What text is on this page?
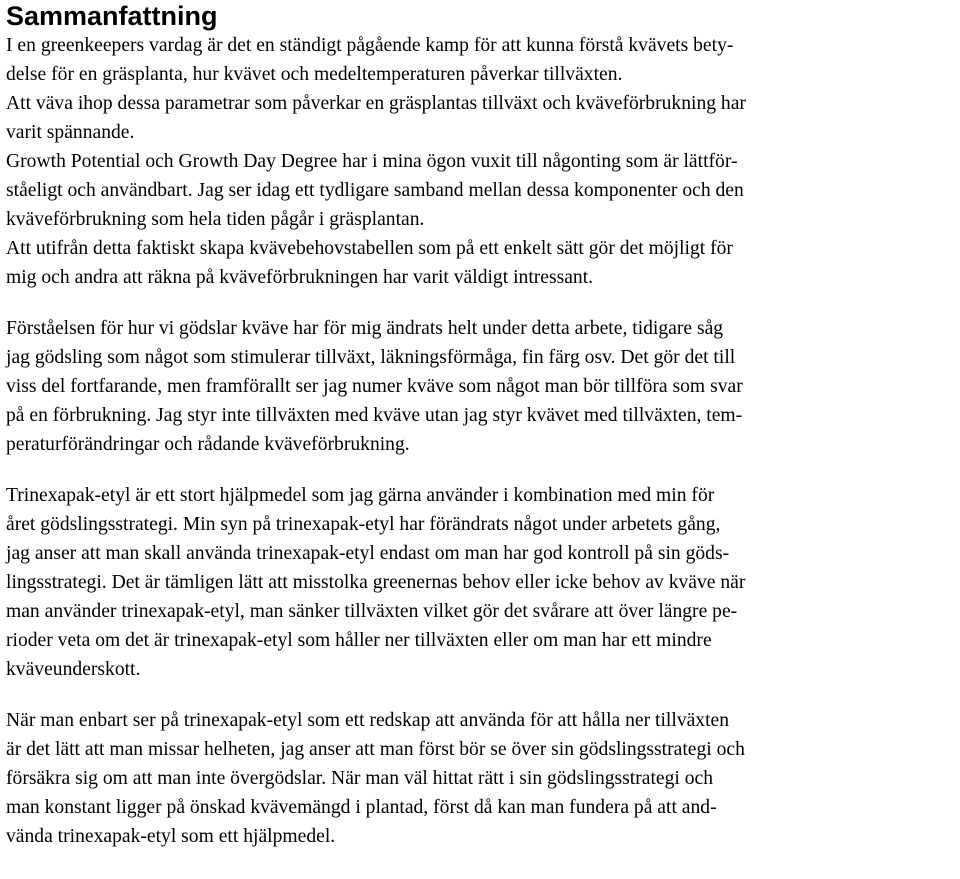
Sammanfattning

I en greenkeepers vardag är det en ständigt pågående kamp för att kunna förstå kvävets bety-
delse för en gräsplanta, hur kvävet och medeltemperaturen påverkar tillväxten.
Att väva ihop dessa parametrar som påverkar en gräsplantas tillväxt och kväveförbrukning har
varit spännande.
Growth Potential och Growth Day Degree har i mina ögon vuxit till någonting som är lättför-
ståeligt och användbart. Jag ser idag ett tydligare samband mellan dessa komponenter och den
kväveförbrukning som hela tiden pågår i gräsplantan.
Att utifrån detta faktiskt skapa kvävebehovstabellen som på ett enkelt sätt gör det möjligt för
mig och andra att räkna på kväveförbrukningen har varit väldigt intressant.

Förståelsen för hur vi gödslar kväve har för mig ändrats helt under detta arbete, tidigare såg
jag gödsling som något som stimulerar tillväxt, läkningsförmåga, fin färg osv. Det gör det till
viss del fortfarande, men framförallt ser jag numer kväve som något man bör tillföra som svar
på en förbrukning. Jag styr inte tillväxten med kväve utan jag styr kvävet med tillväxten, tem-
peraturförändringar och rådande kväveförbrukning.

Trinexapak-etyl är ett stort hjälpmedel som jag gärna använder i kombination med min för
året gödslingsstrategi. Min syn på trinexapak-etyl har förändrats något under arbetets gång,
jag anser att man skall använda trinexapak-etyl endast om man har god kontroll på sin göds-
lingsstrategi. Det är tämligen lätt att misstolka greenernas behov eller icke behov av kväve när
man använder trinexapak-etyl, man sänker tillväxten vilket gör det svårare att över längre pe-
rioder veta om det är trinexapak-etyl som håller ner tillväxten eller om man har ett mindre
kväveunderskott.

När man enbart ser på trinexapak-etyl som ett redskap att använda för att hålla ner tillväxten
är det lätt att man missar helheten, jag anser att man först bör se över sin gödslingsstrategi och
försäkra sig om att man inte övergödslar. När man väl hittat rätt i sin gödslingsstrategi och
man konstant ligger på önskad kvävemängd i plantad, först då kan man fundera på att and-
vända trinexapak-etyl som ett hjälpmedel.
